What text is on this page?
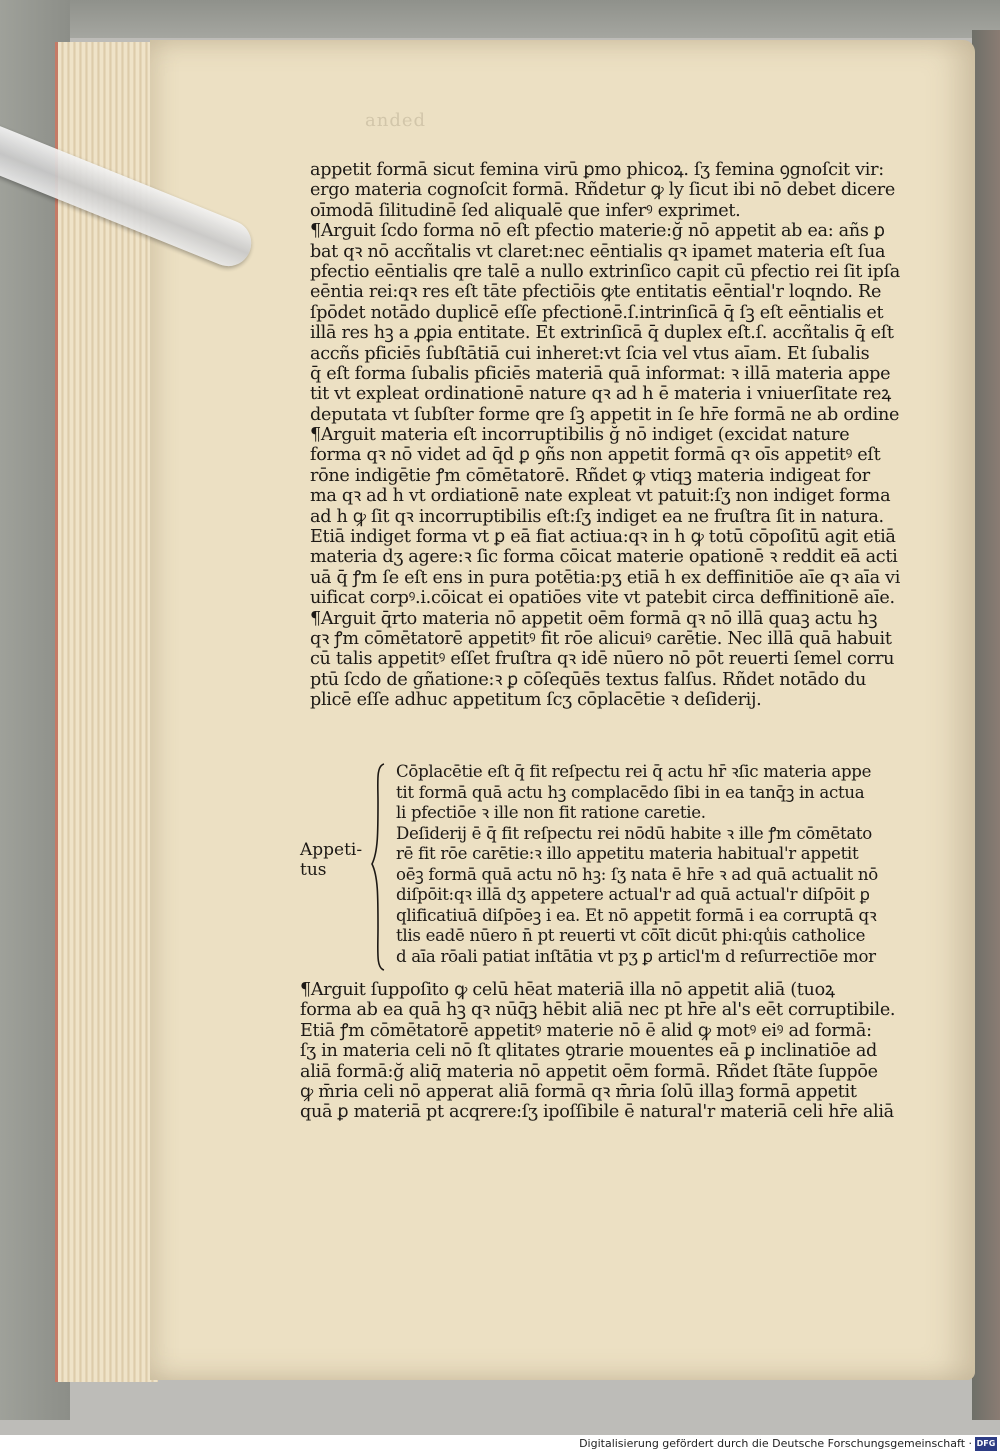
anded

appetit formā sicut femina virū ꝑmo phicoꝝ. ſʒ femina ꝯgnoſcit vir:

ergo materia cognoſcit formā. Rñdetur ꝙ ly ſicut ibi nō debet dicere

oīmodā ſilitudinē ſed aliqualē que inferꝰ exprimet.

¶Arguit̄ ſcdo forma nō eſt pfectio materie:ğ nō appetit̄ ab ea: añs ꝑ

bat̄ qꝛ nō accñtalis vt claret:nec eēntialis qꝛ ipamet materia eſt ſua

pfectio eēntialis qre talē a nullo extrinſico capit cū pfectio rei ſit ipſa

eēntia rei:qꝛ res eſt tāte pfectiōis ꝙte entitatis eēntial'r loqndo. Re

ſpōdet̄ notādo duplicē eſſe pfectionē.ſ.intrinſicā q̄ ſꝫ eſt eēntialis et

illā res hꝫ a ꝓꝑia entitate. Et extrinſicā q̄ duplex eſt.ſ. accñtalis q̄ eſt

accñs pficiēs ſubſtātiā cui inheret:vt ſcia vel vtus aīam. Et ſubalis

q̄ eſt forma ſubalis pficiēs materiā quā informat: ꝛ illā materia appe

tit vt expleat ordinationē nature qꝛ ad h̄ ē materia i vniuerſitate reꝝ

deputata vt ſubſter forme qre ſꝫ appetit in ſe hr̄e formā ne ab ordine

¶Arguit̄ materia eſt incorruptibilis ğ nō indiget (excidat nature

forma qꝛ nō videt̄ ad q̄d ꝑ ꝯñs non appetit formā qꝛ oīs appetitꝰ eſt

rōne indigētie ꝭm cōmētatorē. Rñdet̄ ꝙ vtiqꝫ materia indigeat for

ma qꝛ ad h̄ vt ordiationē nat̄e expleat vt patuit:ſʒ non indiget forma

ad h̄ ꝙ ſit qꝛ incorruptibilis eſt:ſʒ indiget ea ne fruſtra ſit in natura.

Etiā indiget forma vt ꝑ eā fiat actiua:qꝛ in h̄ ꝙ totū cōpoſitū agit etiā

materia dʒ agere:ꝛ ſic forma cōicat materie opationē ꝛ reddit eā acti

uā q̄ ꝭm ſe eſt ens in pura potētia:pʒ etiā h̄ ex deffinitiōe aīe qꝛ aīa vi

uificat corpꝰ.i.cōicat ei opatiōes vite vt patebit circa deffinitionē aīe.

¶Arguit̄ q̄rto materia nō appetit oēm formā qꝛ nō illā quaꝫ actu hꝫ

qꝛ ꝭm cōmētatorē appetitꝰ fit rōe alicuiꝰ carētie. Nec illā quā habuit

cū talis appetitꝰ eſſet fruſtra qꝛ idē nūero nō pōt reuerti ſemel corru

ptū ſcdo de gñatione:ꝛ ꝑ cōſeqūēs textus falſus. Rñdet̄ notādo du

plicē eſſe adhuc appetitum ſcʒ cōplacētie ꝛ deſiderij.

Appeti-
tus

Cōplacētie eſt q̄ fit reſpectu rei q̄ actu hr̄ ꝛſic materia appe

tit formā quā actu hꝫ complacēdo ſibi in ea tanq̄ꝫ in actua

li pfectiōe ꝛ ille non fit ratione caretie.

Deſiderij ē q̄ fit reſpectu rei nōdū habite ꝛ ille ꝭm cōmētato

rē fit rōe carētie:ꝛ illo appetitu materia habitual'r appetit

oēꝫ formā quā actu nō hꝫ: ſʒ nata ē hr̄e ꝛ ad quā actualit̄ nō

diſpōit̄:qꝛ illā dʒ appetere actual'r ad quā actual'r diſpōit̄ ꝑ

qlificatiuā diſpōeꝫ i ea. Et nō appetit formā i ea corruptā qꝛ

tlis eadē nūero n̄ pt reuerti vt cōīt̄ dicūt phi:qu̾is catholice

d̄ aīa rōali patiat̄ inſtātia vt pʒ ꝑ articl'm d̄ reſurrectiōe mor

¶Arguit̄ ſuppoſito ꝙ celū hēat materiā illa nō appetit aliā (tuoꝝ

forma ab ea quā hꝫ qꝛ nūq̄ꝫ hēbit aliā nec pt hr̄e al's eēt corruptibile.

Etiā ꝭm cōmētatorē appetitꝰ materie nō ē aliḋ ꝙ motꝰ eiꝰ ad formā:

ſʒ in materia celi nō ſt̄ qlitates ꝯtrarie mouentes eā ꝑ inclinatiōe ad

aliā formā:ğ aliq̄ materia nō appetit oēm formā. Rñdet̄ ſtāte ſuppōe

ꝙ m̄ria celi nō apperat aliā formā qꝛ m̄ria ſolū illaꝫ formā appetit

quā ꝑ materiā pt acqrere:ſʒ ipoſſibile ē natural'r materiā celi hr̄e aliā

Digitalisierung gefördert durch die Deutsche Forschungsgemeinschaft · DFG
